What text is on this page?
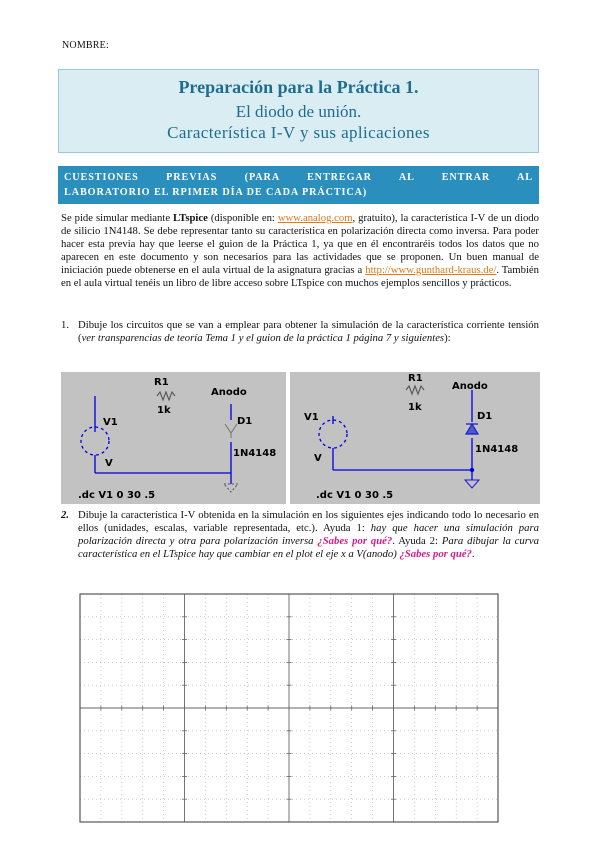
NOMBRE:
Preparación para la Práctica 1.
El diodo de unión.
Característica I-V y sus aplicaciones
CUESTIONES PREVIAS (PARA ENTREGAR AL ENTRAR AL
LABORATORIO EL RPIMER DÍA DE CADA PRÁCTICA)
Se pide simular mediante LTspice (disponible en: www.analog.com, gratuito), la característica I-V de un diodo de silicio 1N4148. Se debe representar tanto su característica en polarización directa como inversa. Para poder hacer esta previa hay que leerse el guion de la Práctica 1, ya que en él encontraréis todos los datos que no aparecen en este documento y son necesarios para las actividades que se proponen. Un buen manual de iniciación puede obtenerse en el aula virtual de la asignatura gracias a http://www.gunthard-kraus.de/. También en el aula virtual tenéis un libro de libre acceso sobre LTspice con muchos ejemplos sencillos y prácticos.
1. Dibuje los circuitos que se van a emplear para obtener la simulación de la característica corriente tensión (ver transparencias de teoría Tema 1 y el guion de la práctica 1 página 7 y siguientes):
R1
1k
Anodo
D1
1N4148
V1
V
.dc V1 0 30 .5
R1
1k
Anodo
D1
1N4148
V1
V
.dc V1 0 30 .5
2. Dibuje la característica I-V obtenida en la simulación en los siguientes ejes indicando todo lo necesario en ellos (unidades, escalas, variable representada, etc.). Ayuda 1: hay que hacer una simulación para polarización directa y otra para polarización inversa ¿Sabes por qué?. Ayuda 2: Para dibujar la curva característica en el LTspice hay que cambiar en el plot el eje x a V(anodo) ¿Sabes por qué?.
